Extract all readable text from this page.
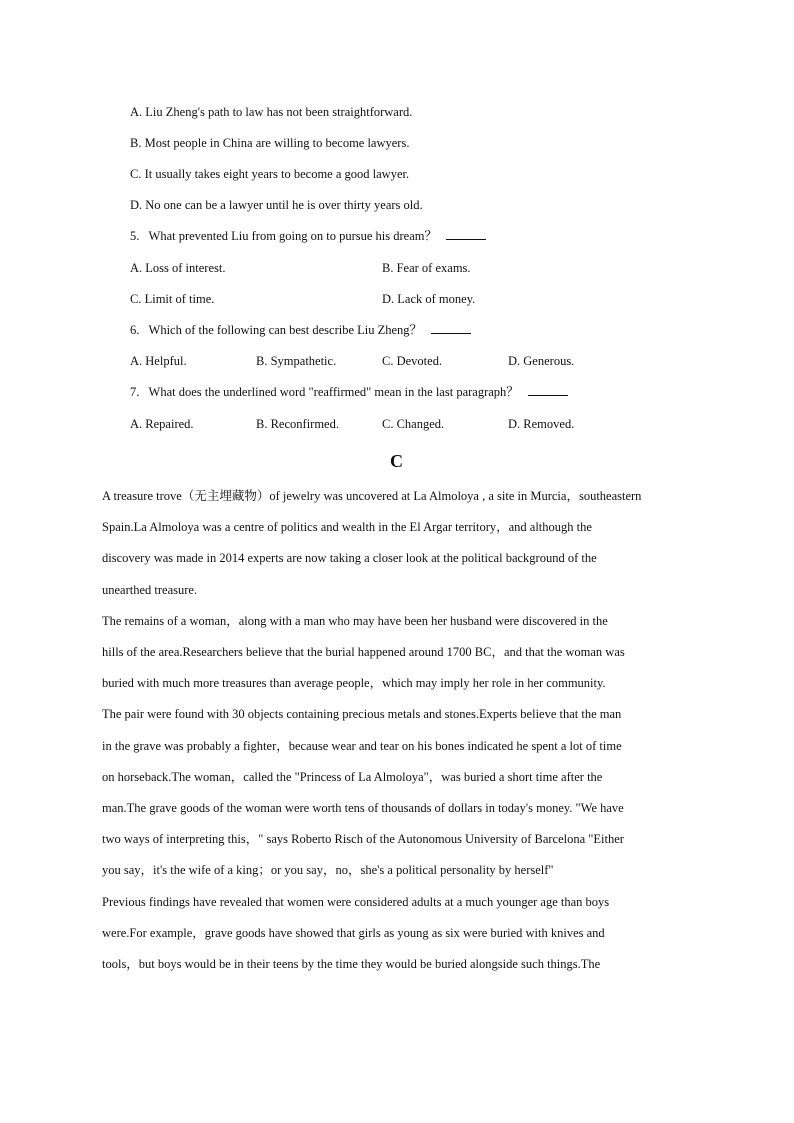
A. Liu Zheng's path to law has not been straightforward.
B. Most people in China are willing to become lawyers.
C. It usually takes eight years to become a good lawyer.
D. No one can be a lawyer until he is over thirty years old.
5. What prevented Liu from going on to pursue his dream？
A. Loss of interest.	B. Fear of exams.
C. Limit of time.	D. Lack of money.
6. Which of the following can best describe Liu Zheng？
A. Helpful.	B. Sympathetic.	C. Devoted.	D. Generous.
7. What does the underlined word "reaffirmed" mean in the last paragraph？
A. Repaired.	B. Reconfirmed.	C. Changed.	D. Removed.
C
A treasure trove（无主埋藏物）of jewelry was uncovered at La Almoloya , a site in Murcia，southeastern
Spain.La Almoloya was a centre of politics and wealth in the El Argar territory，and although the
discovery was made in 2014 experts are now taking a closer look at the political background of the
unearthed treasure.
The remains of a woman，along with a man who may have been her husband were discovered in the
hills of the area.Researchers believe that the burial happened around 1700 BC，and that the woman was
buried with much more treasures than average people，which may imply her role in her community.
The pair were found with 30 objects containing precious metals and stones.Experts believe that the man
in the grave was probably a fighter，because wear and tear on his bones indicated he spent a lot of time
on horseback.The woman，called the "Princess of La Almoloya"，was buried a short time after the
man.The grave goods of the woman were worth tens of thousands of dollars in today's money. "We have
two ways of interpreting this，" says Roberto Risch of the Autonomous University of Barcelona "Either
you say，it's the wife of a king；or you say，no，she's a political personality by herself"
Previous findings have revealed that women were considered adults at a much younger age than boys
were.For example，grave goods have showed that girls as young as six were buried with knives and
tools，but boys would be in their teens by the time they would be buried alongside such things.The
